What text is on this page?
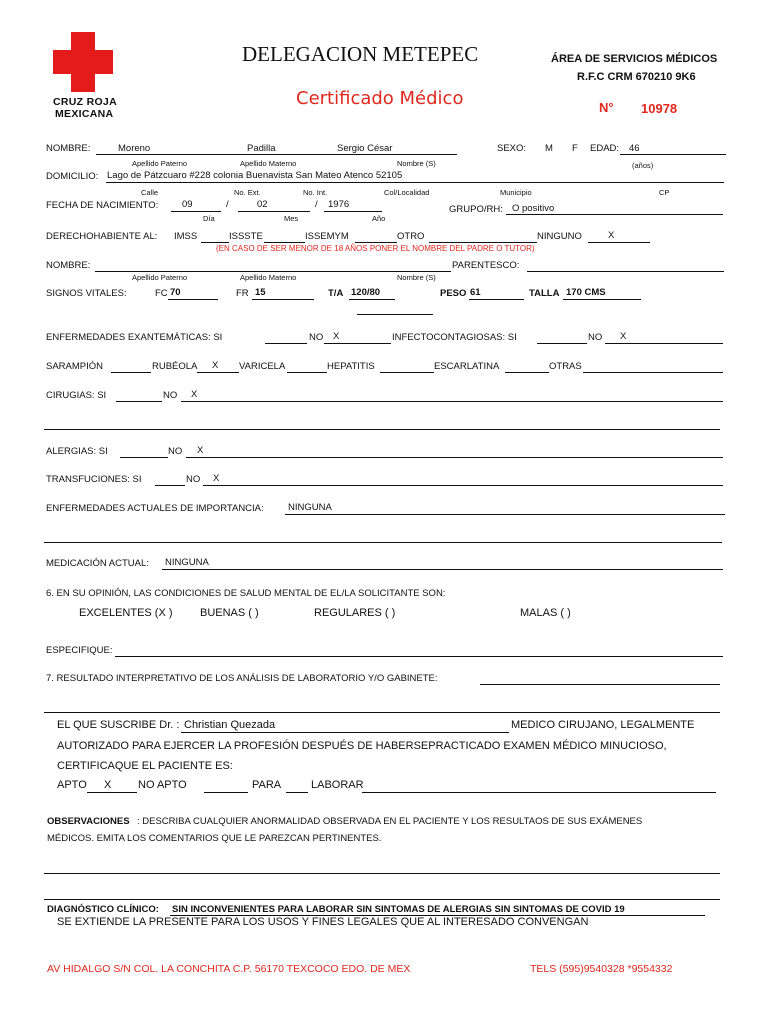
CRUZ ROJA
MEXICANA
DELEGACION METEPEC
Certificado Médico
ÁREA DE SERVICIOS MÉDICOS
R.F.C CRM 670210 9K6
N° 10978
NOMBRE:	Moreno	Padilla	Sergio César	SEXO: M F EDAD: 46
Apellido Paterno	Apellido Materno	Nombre (S)	(años)
DOMICILIO: Lago de Pátzcuaro #228 colonia Buenavista San Mateo Atenco 52105
Calle	No. Ext.	No. Int.	Col/Localidad	Municipio	CP
FECHA DE NACIMIENTO: 09	/	02	/ 1976
Día	Mes	Año
GRUPO/RH: O positivo
DERECHOHABIENTE AL: IMSS	ISSSTE	ISSEMYM	OTRO	NINGUNO	X
(EN CASO DE SER MENOR DE 18 AÑOS PONER EL NOMBRE DEL PADRE O TUTOR)
NOMBRE:	PARENTESCO:
Apellido Paterno	Apellido Materno	Nombre (S)
SIGNOS VITALES:	FC 70	FR 15	T/A 120/80	PESO 61	TALLA 170 CMS
ENFERMEDADES EXANTEMÁTICAS: SI	NO X	INFECTOCONTAGIOSAS: SI	NO X
SARAMPIÓN	RUBÉOLA X VARICELA	HEPATITIS	ESCARLATINA	OTRAS
CIRUGIAS: SI	NO X
ALERGIAS: SI	NO X
TRANSFUCIONES: SI	NO X
ENFERMEDADES ACTUALES DE IMPORTANCIA:	NINGUNA
MEDICACIÓN ACTUAL: NINGUNA
6. EN SU OPINIÓN, LAS CONDICIONES DE SALUD MENTAL DE EL/LA SOLICITANTE SON:
EXCELENTES (X ) BUENAS ( )	REGULARES ( )	MALAS ( )
ESPECIFIQUE:
7. RESULTADO INTERPRETATIVO DE LOS ANÁLISIS DE LABORATORIO Y/O GABINETE:
EL QUE SUSCRIBE Dr. : Christian Quezada	MEDICO CIRUJANO, LEGALMENTE
AUTORIZADO PARA EJERCER LA PROFESIÓN DESPUÉS DE HABERSEPRACTICADO EXAMEN MÉDICO MINUCIOSO,
CERTIFICAQUE EL PACIENTE ES:
APTO X NO APTO	PARA	LABORAR
OBSERVACIONES : DESCRIBA CUALQUIER ANORMALIDAD OBSERVADA EN EL PACIENTE Y LOS RESULTAOS DE SUS EXÁMENES
MÉDICOS. EMITA LOS COMENTARIOS QUE LE PAREZCAN PERTINENTES.
DIAGNÓSTICO CLÍNICO: SIN INCONVENIENTES PARA LABORAR SIN SINTOMAS DE ALERGIAS SIN SINTOMAS DE COVID 19
SE EXTIENDE LA PRESENTE PARA LOS USOS Y FINES LEGALES QUE AL INTERESADO CONVENGAN
AV HIDALGO S/N COL. LA CONCHITA C.P. 56170 TEXCOCO EDO. DE MEX	TELS (595)9540328 *9554332
